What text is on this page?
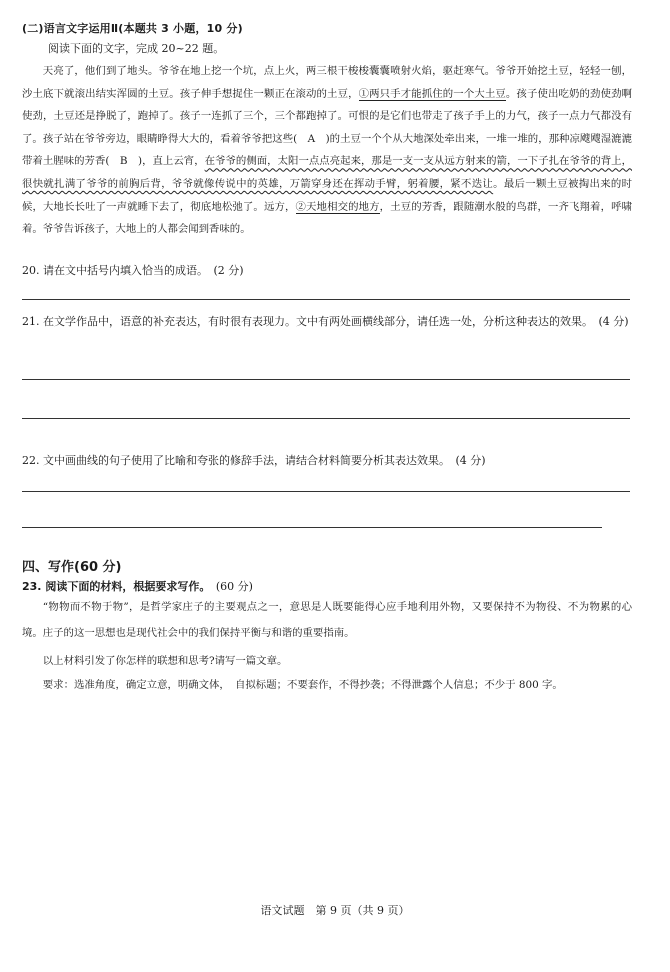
(二)语言文字运用Ⅱ(本题共 3 小题，10 分)
阅读下面的文字，完成 20~22 题。

天亮了，他们到了地头。爷爷在地上挖一个坑，点上火，两三根干梭梭囊囊喷射火焰，驱赶寒气。爷爷开始挖土豆，轻轻一刨，沙土底下就滚出结实浑圆的土豆。孩子伸手想捉住一颗正在滚动的土豆，①两只手才能抓住的一个大土豆。孩子使出吃奶的劲使劲啊使劲，土豆还是挣脱了，跑掉了。孩子一连抓了三个，三个都跑掉了。可恨的是它们也带走了孩子手上的力气，孩子一点力气都没有了。孩子站在爷爷旁边，眼睛睁得大大的，看着爷爷把这些(　A　)的土豆一个个从大地深处牵出来，一堆一堆的，那种凉飕飕湿漉漉带着土腥味的芳香(　B　)，直上云宵，在爷爷的侧面，太阳一点点亮起来，那是一支一支从远方射来的箭，一下子扎在爷爷的背上，很快就扎满了爷爷的前胸后背，爷爷就像传说中的英雄，万箭穿身还在挥动手臂，躬着腰，紧不迭让。最后一颗土豆被掏出来的时候，大地长长吐了一声就睡下去了，彻底地松弛了。远方，②天地相交的地方，土豆的芳香，跟随潮水般的鸟群，一齐飞翔着，呼啸着。爷爷告诉孩子，大地上的人都会闻到香味的。

20. 请在文中括号内填入恰当的成语。　(2 分)

21. 在文学作品中，语意的补充表达，有时很有表现力。文中有两处画横线部分，请任选一处，分析这种表达的效果。　(4 分)

22. 文中画曲线的句子使用了比喻和夸张的修辞手法，请结合材料简要分析其表达效果。　(4 分)
四、写作(60 分)
23. 阅读下面的材料，根据要求写作。　 (60 分)

“物物而不物于物”，是哲学家庄子的主要观点之一，意思是人既要能得心应手地利用外物，又要保持不为物役、不为物累的心境。庄子的这一思想也是现代社会中的我们保持平衡与和谐的重要指南。

以上材料引发了你怎样的联想和思考?请写一篇文章。

要求：选准角度，确定立意，明确文体，　自拟标题；不要套作，不得抄袭；不得泄露个人信息；不少于 800 字。

语文试题　第 9 页（共 9 页）
